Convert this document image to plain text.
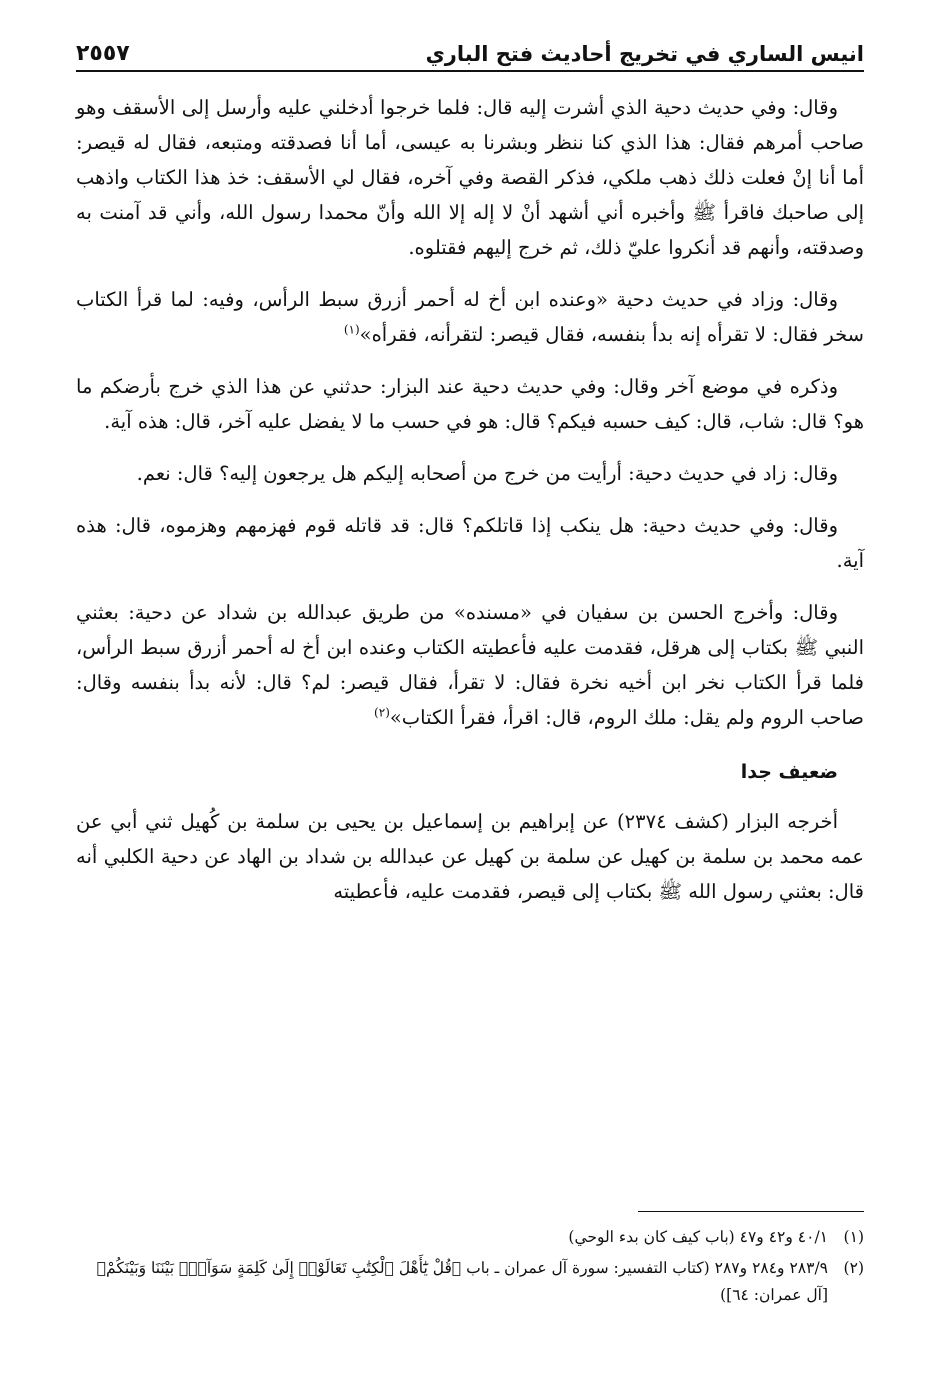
انيس الساري في تخريج أحاديث فتح الباري
٢٥٥٧

وقال: وفي حديث دحية الذي أشرت إليه قال: فلما خرجوا أدخلني عليه وأرسل إلى الأسقف وهو صاحب أمرهم فقال: هذا الذي كنا ننظر وبشرنا به عيسى، أما أنا فصدقته ومتبعه، فقال له قيصر: أما أنا إنْ فعلت ذلك ذهب ملكي، فذكر القصة وفي آخره، فقال لي الأسقف: خذ هذا الكتاب واذهب إلى صاحبك فاقرأ ﷺ وأخبره أني أشهد أنْ لا إله إلا الله وأنّ محمدا رسول الله، وأني قد آمنت به وصدقته، وأنهم قد أنكروا عليّ ذلك، ثم خرج إليهم فقتلوه.

وقال: وزاد في حديث دحية «وعنده ابن أخ له أحمر أزرق سبط الرأس، وفيه: لما قرأ الكتاب سخر فقال: لا تقرأه إنه بدأ بنفسه، فقال قيصر: لتقرأنه، فقرأه»$^{(١)}$

وذكره في موضع آخر وقال: وفي حديث دحية عند البزار: حدثني عن هذا الذي خرج بأرضكم ما هو؟ قال: شاب، قال: كيف حسبه فيكم؟ قال: هو في حسب ما لا يفضل عليه آخر، قال: هذه آية.

وقال: زاد في حديث دحية: أرأيت من خرج من أصحابه إليكم هل يرجعون إليه؟ قال: نعم.

وقال: وفي حديث دحية: هل ينكب إذا قاتلكم؟ قال: قد قاتله قوم فهزمهم وهزموه، قال: هذه آية.

وقال: وأخرج الحسن بن سفيان في «مسنده» من طريق عبدالله بن شداد عن دحية: بعثني النبي ﷺ بكتاب إلى هرقل، فقدمت عليه فأعطيته الكتاب وعنده ابن أخ له أحمر أزرق سبط الرأس، فلما قرأ الكتاب نخر ابن أخيه نخرة فقال: لا تقرأ، فقال قيصر: لم؟ قال: لأنه بدأ بنفسه وقال: صاحب الروم ولم يقل: ملك الروم، قال: اقرأ، فقرأ الكتاب»$^{(٢)}$

ضعيف جدا

أخرجه البزار (كشف ٢٣٧٤) عن إبراهيم بن إسماعيل بن يحيى بن سلمة بن كُهيل ثني أبي عن عمه محمد بن سلمة بن كهيل عن سلمة بن كهيل عن عبدالله بن شداد بن الهاد عن دحية الكلبي أنه قال: بعثني رسول الله ﷺ بكتاب إلى قيصر، فقدمت عليه، فأعطيته

(١)
٤٠/١ و٤٢ و٤٧ (باب كيف كان بدء الوحي)
(٢)
٢٨٣/٩ و٢٨٤ و٢٨٧ (كتاب التفسير: سورة آل عمران ـ باب ﴿قُلْ يَٰٓأَهْلَ ٱلْكِتَٰبِ تَعَالَوْا۟ إِلَىٰ كَلِمَةٍ سَوَآءٍۭ بَيْنَنَا وَبَيْنَكُمْ﴾ [آل عمران: ٦٤])
